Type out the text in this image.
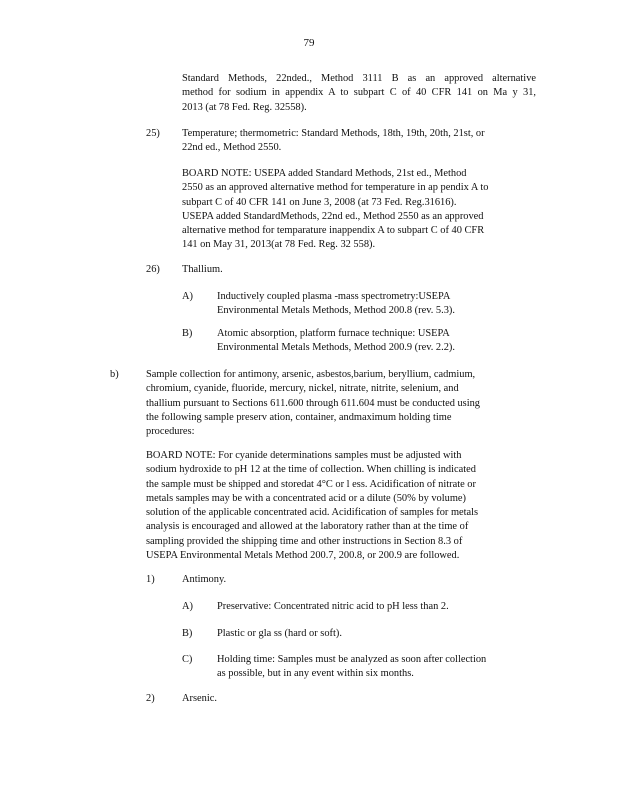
79
Standard Methods, 22nded., Method 3111 B as an approved alternative
method for sodium in appendix A to subpart C of 40 CFR 141 on Ma y 31,
2013 (at 78 Fed. Reg. 32558).
25) Temperature; thermometric: Standard Methods, 18th, 19th, 20th, 21st, or
22nd ed., Method 2550.
BOARD NOTE: USEPA added Standard Methods, 21st ed., Method
2550 as an approved alternative method for temperature in ap pendix A to
subpart C of 40 CFR 141 on June 3, 2008 (at 73 Fed. Reg.31616).
USEPA added StandardMethods, 22nd ed., Method 2550 as an approved
alternative method for temparature inappendix A to subpart C of 40 CFR
141 on May 31, 2013(at 78 Fed. Reg. 32 558).
26) Thallium.
A) Inductively coupled plasma -mass spectrometry:USEPA
Environmental Metals Methods, Method 200.8 (rev. 5.3).
B) Atomic absorption, platform furnace technique: USEPA
Environmental Metals Methods, Method 200.9 (rev. 2.2).
b)	Sample collection for antimony, arsenic, asbestos,barium, beryllium, cadmium,
chromium, cyanide, fluoride, mercury, nickel, nitrate, nitrite, selenium, and
thallium pursuant to Sections 611.600 through 611.604 must be conducted using
the following sample preserv ation, container, andmaximum holding time
procedures:
BOARD NOTE: For cyanide determinations samples must be adjusted with
sodium hydroxide to pH 12 at the time of collection. When chilling is indicated
the sample must be shipped and storedat 4°C or l ess. Acidification of nitrate or
metals samples may be with a concentrated acid or a dilute (50% by volume)
solution of the applicable concentrated acid. Acidification of samples for metals
analysis is encouraged and allowed at the laboratory rather than at the time of
sampling provided the shipping time and other instructions in Section 8.3 of
USEPA Environmental Metals Method 200.7, 200.8, or 200.9 are followed.
1)	Antimony.
A) Preservative: Concentrated nitric acid to pH less than 2.
B) Plastic or gla ss (hard or soft).
C) Holding time: Samples must be analyzed as soon after collection
as possible, but in any event within six months.
2)	Arsenic.
